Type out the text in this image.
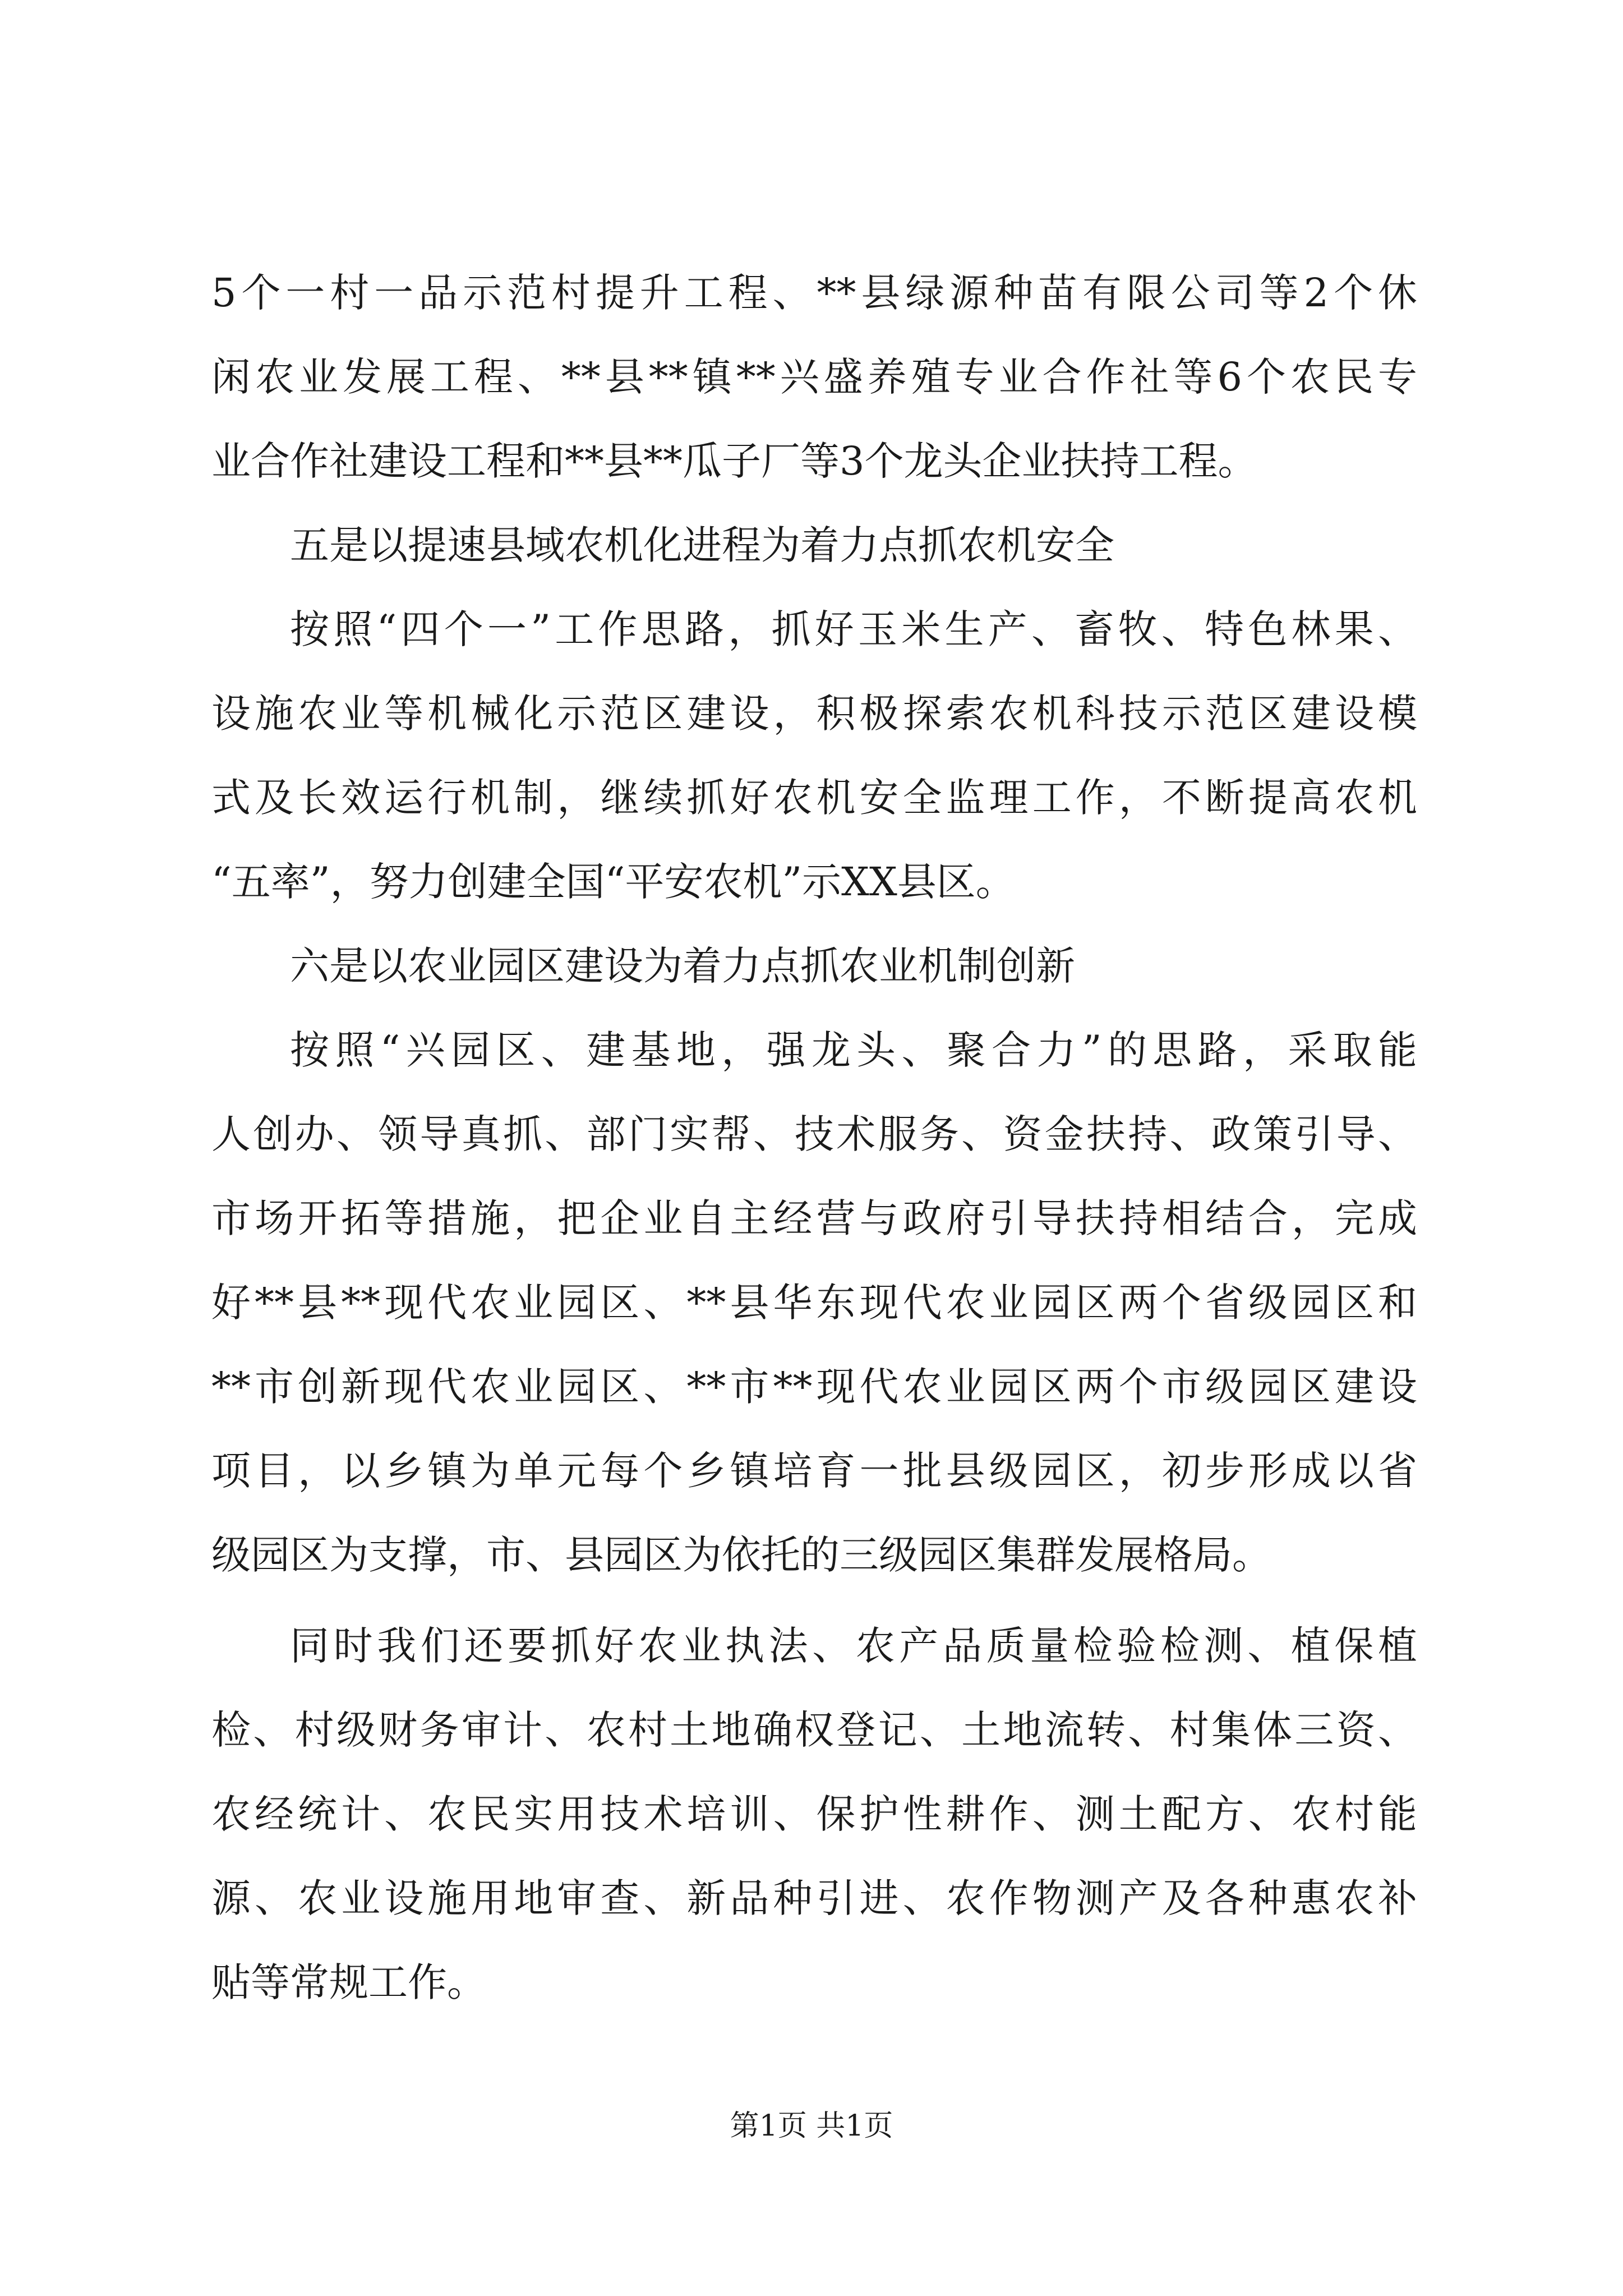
5个一村一品示范村提升工程、**县绿源种苗有限公司等2个休
闲农业发展工程、**县**镇**兴盛养殖专业合作社等6个农民专
业合作社建设工程和**县**瓜子厂等3个龙头企业扶持工程。
五是以提速县域农机化进程为着力点抓农机安全
按照“四个一”工作思路，抓好玉米生产、畜牧、特色林果、
设施农业等机械化示范区建设，积极探索农机科技示范区建设模
式及长效运行机制，继续抓好农机安全监理工作，不断提高农机
“五率”，努力创建全国“平安农机”示XX县区。
六是以农业园区建设为着力点抓农业机制创新
按照“兴园区、建基地，强龙头、聚合力”的思路，采取能
人创办、领导真抓、部门实帮、技术服务、资金扶持、政策引导、
市场开拓等措施，把企业自主经营与政府引导扶持相结合，完成
好**县**现代农业园区、**县华东现代农业园区两个省级园区和
**市创新现代农业园区、**市**现代农业园区两个市级园区建设
项目，以乡镇为单元每个乡镇培育一批县级园区，初步形成以省
级园区为支撑，市、县园区为依托的三级园区集群发展格局。
同时我们还要抓好农业执法、农产品质量检验检测、植保植
检、村级财务审计、农村土地确权登记、土地流转、村集体三资、
农经统计、农民实用技术培训、保护性耕作、测土配方、农村能
源、农业设施用地审查、新品种引进、农作物测产及各种惠农补
贴等常规工作。
第1页 共1页
